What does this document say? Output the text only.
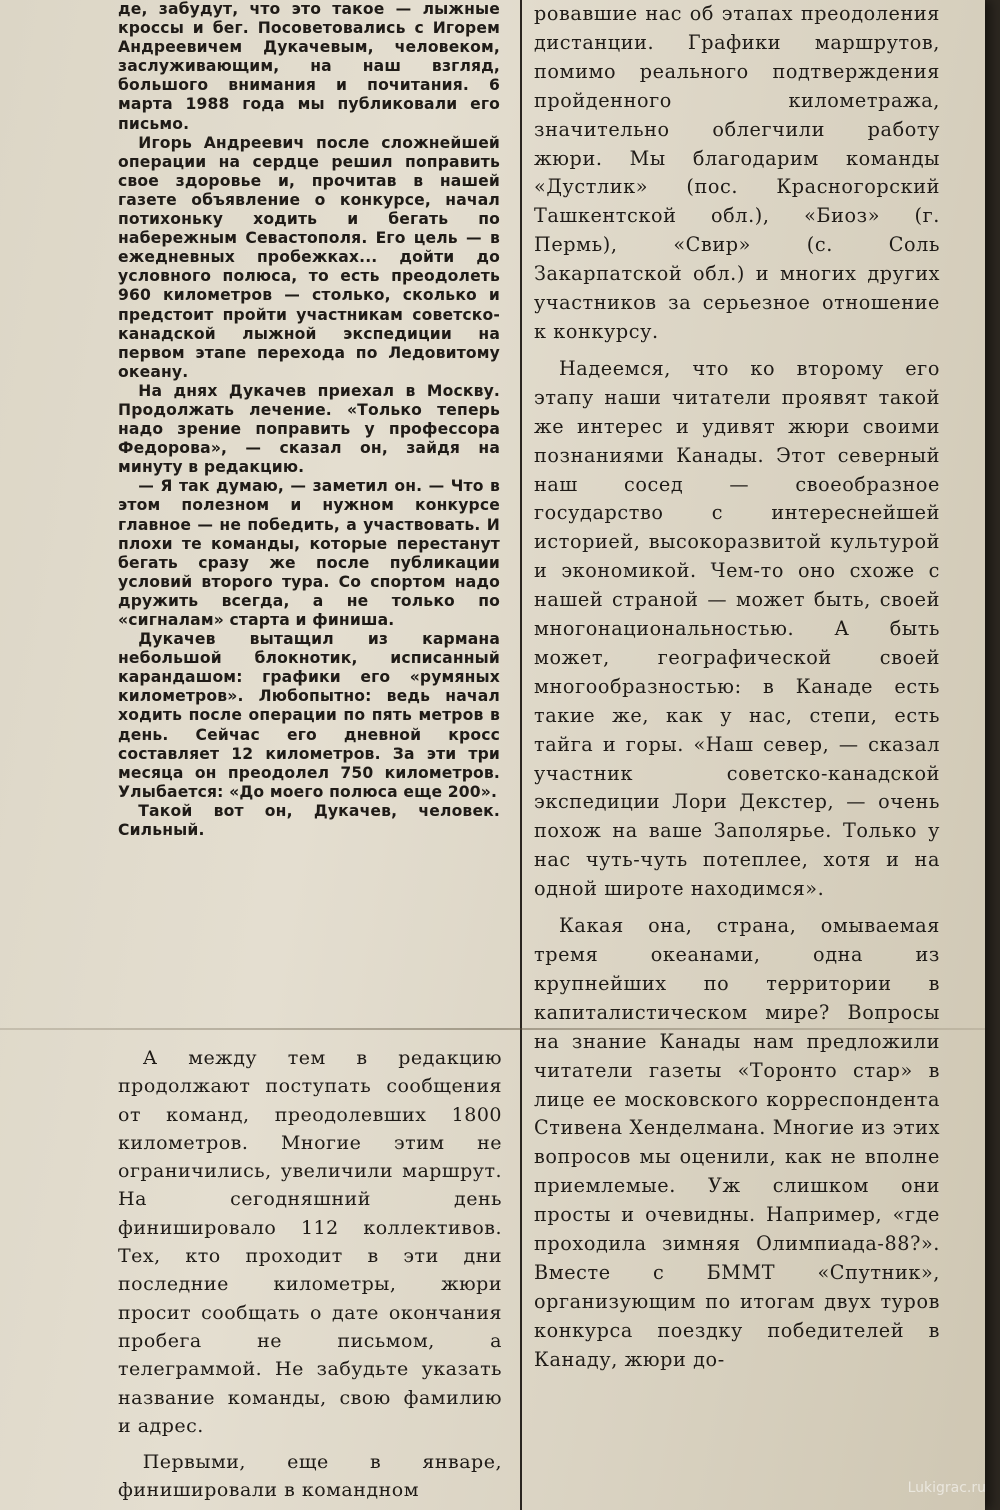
де, забудут, что это такое — лыжные кроссы и бег. Посоветовались с Игорем Андреевичем Дукачевым, человеком, заслуживающим, на наш взгляд, большого внимания и почитания. 6 марта 1988 года мы публиковали его письмо.

Игорь Андреевич после сложнейшей операции на сердце решил поправить свое здоровье и, прочитав в нашей газете объявление о конкурсе, начал потихоньку ходить и бегать по набережным Севастополя. Его цель — в ежедневных пробежках... дойти до условного полюса, то есть преодолеть 960 километров — столько, сколько и предстоит пройти участникам советско-канадской лыжной экспедиции на первом этапе перехода по Ледовитому океану.

На днях Дукачев приехал в Москву. Продолжать лечение. «Только теперь надо зрение поправить у профессора Федорова», — сказал он, зайдя на минуту в редакцию.

— Я так думаю, — заметил он. — Что в этом полезном и нужном конкурсе главное — не победить, а участвовать. И плохи те команды, которые перестанут бегать сразу же после публикации условий второго тура. Со спортом надо дружить всегда, а не только по «сигналам» старта и финиша.

Дукачев вытащил из кармана небольшой блокнотик, исписанный карандашом: графики его «румяных километров». Любопытно: ведь начал ходить после операции по пять метров в день. Сейчас его дневной кросс составляет 12 километров. За эти три месяца он преодолел 750 километров. Улыбается: «До моего полюса еще 200».

Такой вот он, Дукачев, человек. Сильный.

А между тем в редакцию продолжают поступать сообщения от команд, преодолевших 1800 километров. Многие этим не ограничились, увеличили маршрут. На сегодняшний день финишировало 112 коллективов. Тех, кто проходит в эти дни последние километры, жюри просит сообщать о дате окончания пробега не письмом, а телеграммой. Не забудьте указать название команды, свою фамилию и адрес.

Первыми, еще в январе, финишировали в командном

ровавшие нас об этапах преодоления дистанции. Графики маршрутов, помимо реального подтверждения пройденного километража, значительно облегчили работу жюри. Мы благодарим команды «Дустлик» (пос. Красногорский Ташкентской обл.), «Биоз» (г. Пермь), «Свир» (с. Соль Закарпатской обл.) и многих других участников за серьезное отношение к конкурсу.

Надеемся, что ко второму его этапу наши читатели проявят такой же интерес и удивят жюри своими познаниями Канады. Этот северный наш сосед — своеобразное государство с интереснейшей историей, высокоразвитой культурой и экономикой. Чем-то оно схоже с нашей страной — может быть, своей многонациональностью. А быть может, географической своей многообразностью: в Канаде есть такие же, как у нас, степи, есть тайга и горы. «Наш север, — сказал участник советско-канадской экспедиции Лори Декстер, — очень похож на ваше Заполярье. Только у нас чуть-чуть потеплее, хотя и на одной широте находимся».

Какая она, страна, омываемая тремя океанами, одна из крупнейших по территории в капиталистическом мире? Вопросы на знание Канады нам предложили читатели газеты «Торонто стар» в лице ее московского корреспондента Стивена Хенделмана. Многие из этих вопросов мы оценили, как не вполне приемлемые. Уж слишком они просты и очевидны. Например, «где проходила зимняя Олимпиада-88?». Вместе с БММТ «Спутник», организующим по итогам двух туров конкурса поездку победителей в Канаду, жюри до-

Lukigrac.ru
